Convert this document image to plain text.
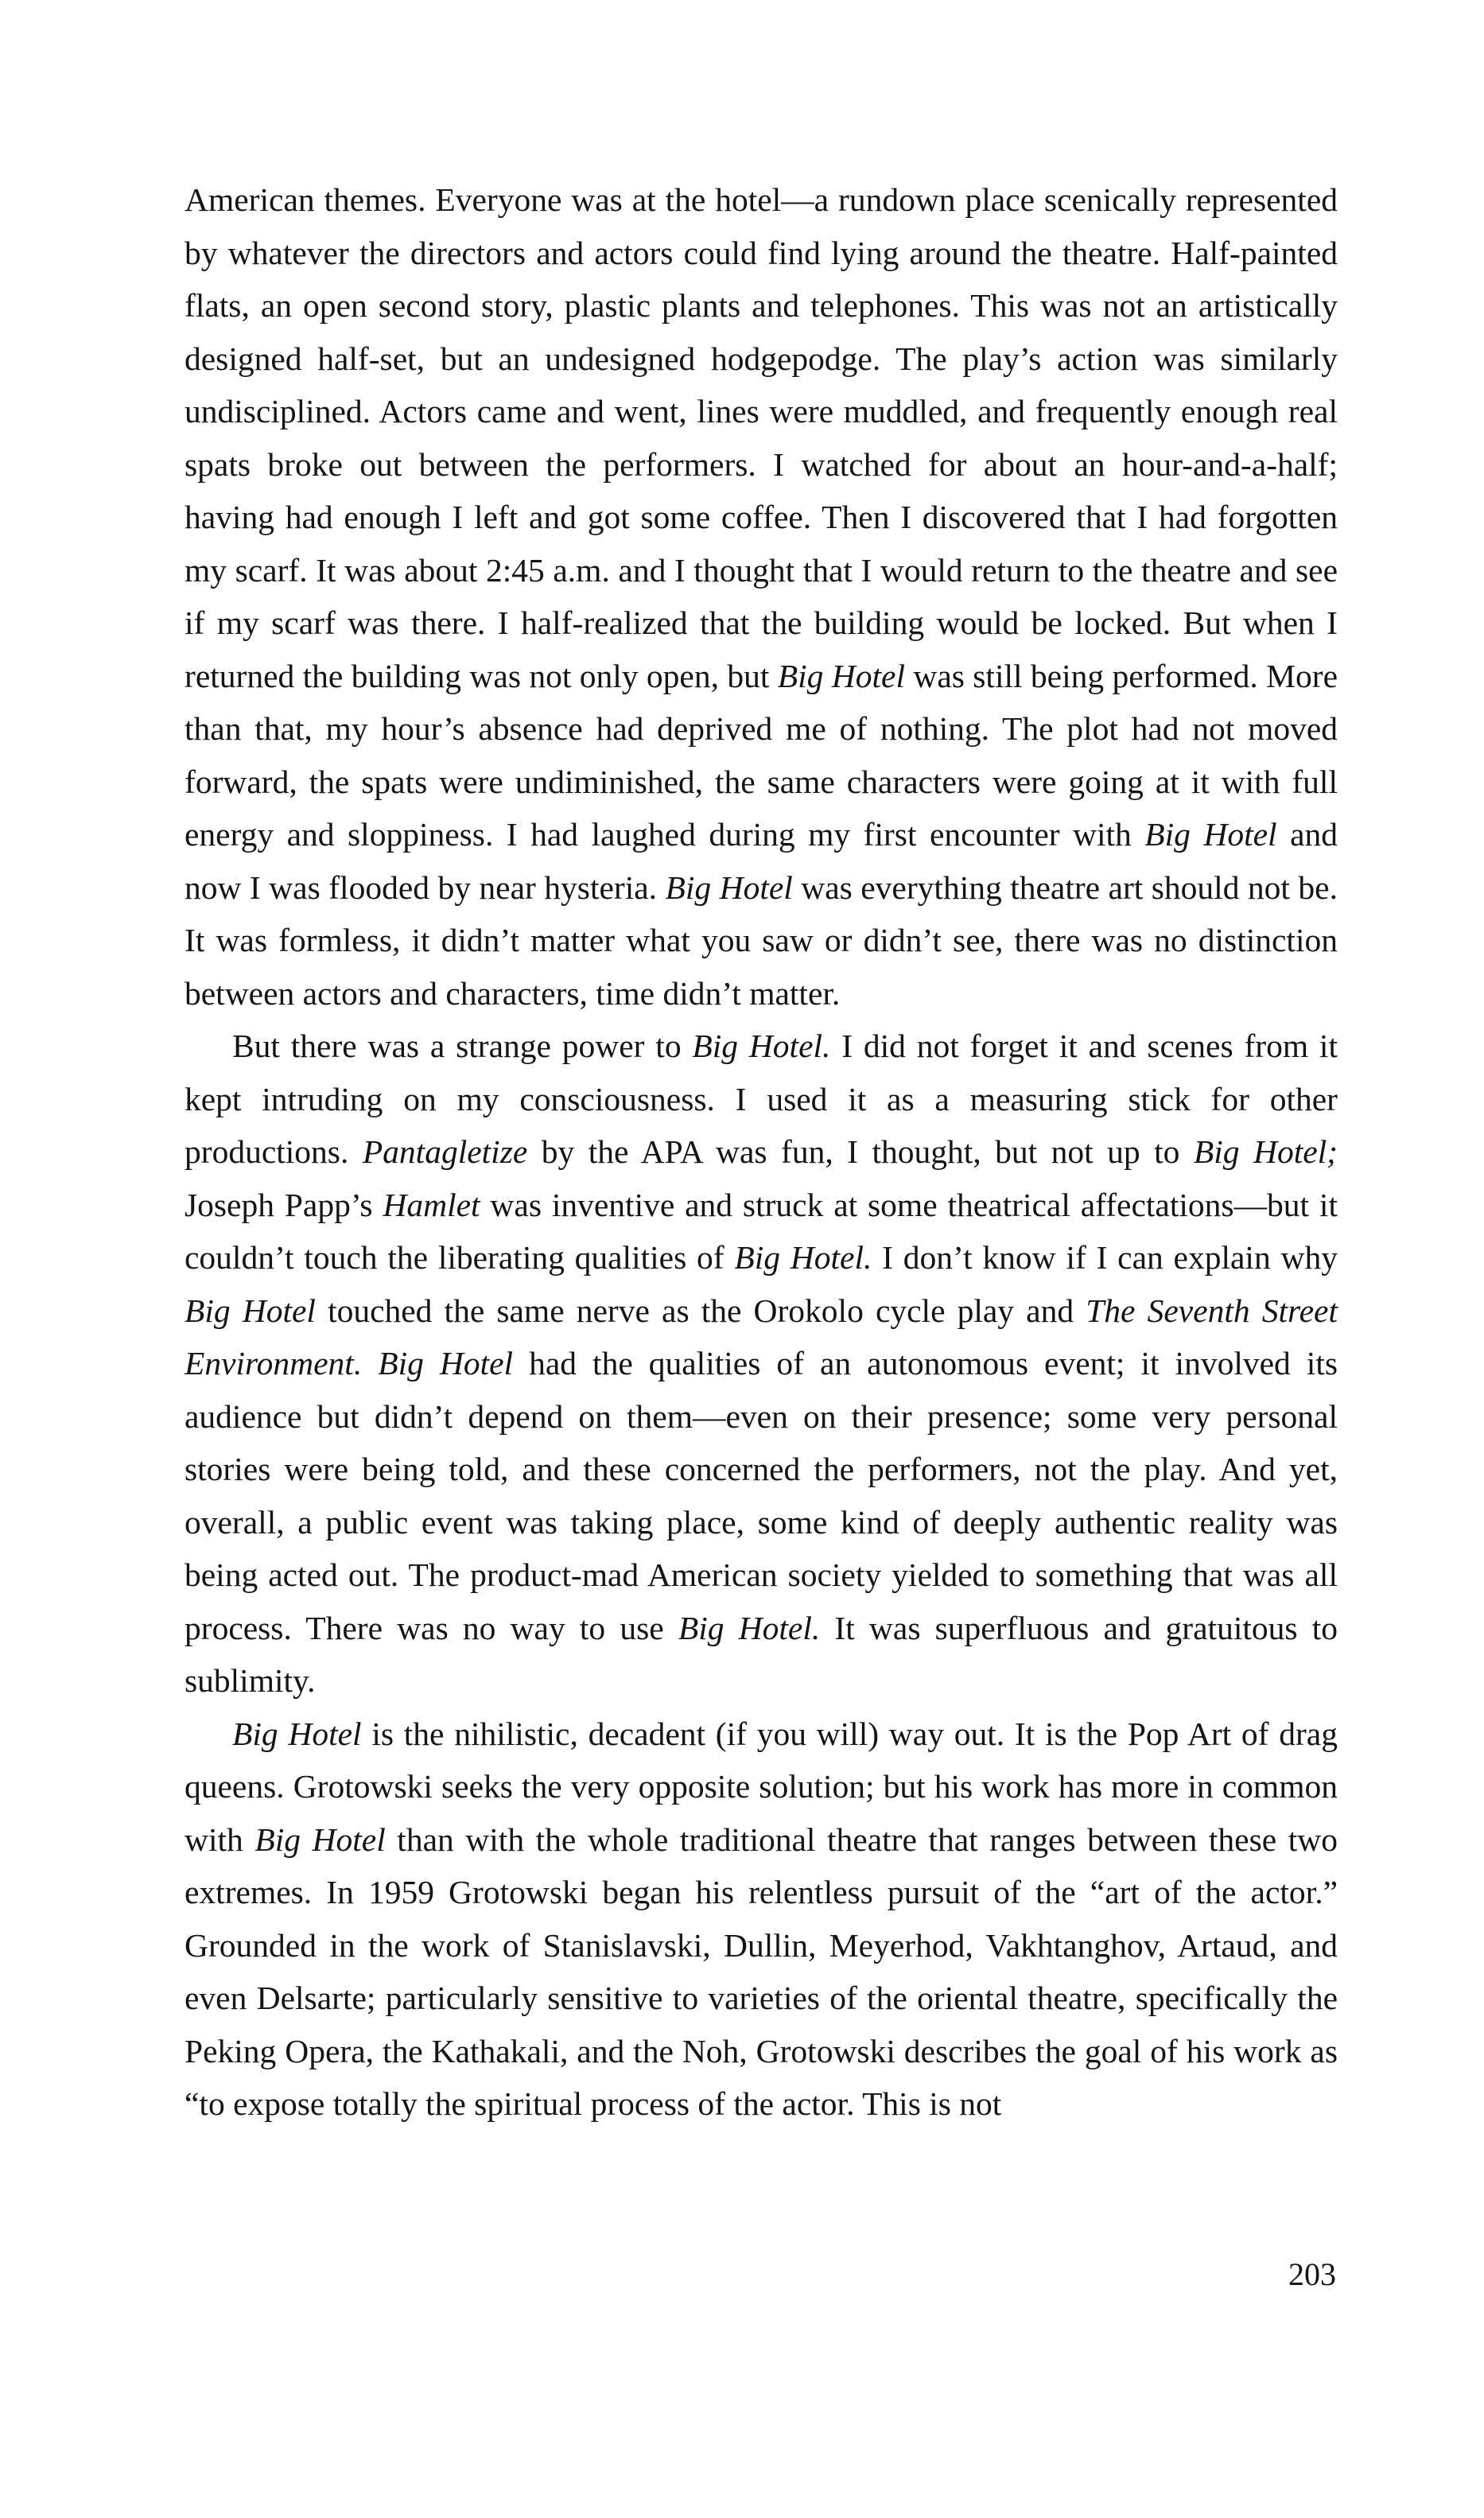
American themes. Everyone was at the hotel—a rundown place scenically represented by whatever the directors and actors could find lying around the theatre. Half-painted flats, an open second story, plastic plants and telephones. This was not an artistically designed half-set, but an undesigned hodgepodge. The play’s action was similarly undisciplined. Actors came and went, lines were muddled, and frequently enough real spats broke out between the performers. I watched for about an hour-and-a-half; having had enough I left and got some coffee. Then I discovered that I had forgotten my scarf. It was about 2:45 a.m. and I thought that I would return to the theatre and see if my scarf was there. I half-realized that the building would be locked. But when I returned the building was not only open, but Big Hotel was still being performed. More than that, my hour’s absence had deprived me of nothing. The plot had not moved forward, the spats were undiminished, the same characters were going at it with full energy and sloppiness. I had laughed during my first encounter with Big Hotel and now I was flooded by near hysteria. Big Hotel was everything theatre art should not be. It was formless, it didn’t matter what you saw or didn’t see, there was no distinction between actors and characters, time didn’t matter.

But there was a strange power to Big Hotel. I did not forget it and scenes from it kept intruding on my consciousness. I used it as a measuring stick for other productions. Pantagletize by the APA was fun, I thought, but not up to Big Hotel; Joseph Papp’s Hamlet was inventive and struck at some theatrical affectations—but it couldn’t touch the liberating qualities of Big Hotel. I don’t know if I can explain why Big Hotel touched the same nerve as the Orokolo cycle play and The Seventh Street Environment. Big Hotel had the qualities of an autonomous event; it involved its audience but didn’t depend on them—even on their presence; some very personal stories were being told, and these concerned the performers, not the play. And yet, overall, a public event was taking place, some kind of deeply authentic reality was being acted out. The product-mad American society yielded to something that was all process. There was no way to use Big Hotel. It was superfluous and gratuitous to sublimity.

Big Hotel is the nihilistic, decadent (if you will) way out. It is the Pop Art of drag queens. Grotowski seeks the very opposite solution; but his work has more in common with Big Hotel than with the whole traditional theatre that ranges between these two extremes. In 1959 Grotowski began his relentless pursuit of the “art of the actor.” Grounded in the work of Stanislavski, Dullin, Meyerhod, Vakhtanghov, Artaud, and even Delsarte; particularly sensitive to varieties of the oriental theatre, specifically the Peking Opera, the Kathakali, and the Noh, Grotowski describes the goal of his work as “to expose totally the spiritual process of the actor. This is not

203
